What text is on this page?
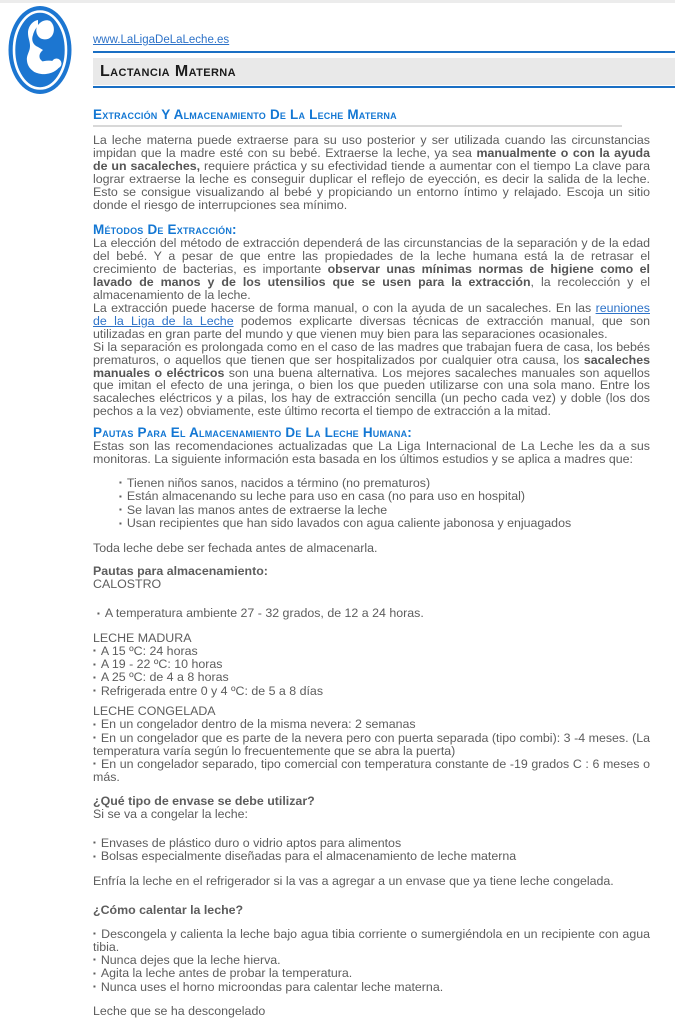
www.LaLigaDeLaLeche.es
Lactancia Materna
Extracción Y Almacenamiento De La Leche Materna
La leche materna puede extraerse para su uso posterior y ser utilizada cuando las circunstancias impidan que la madre esté con su bebé. Extraerse la leche, ya sea manualmente o con la ayuda de un sacaleches, requiere práctica y su efectividad tiende a aumentar con el tiempo La clave para lograr extraerse la leche es conseguir duplicar el reflejo de eyección, es decir la salida de la leche. Esto se consigue visualizando al bebé y propiciando un entorno íntimo y relajado. Escoja un sitio donde el riesgo de interrupciones sea mínimo.
Métodos De Extracción:
La elección del método de extracción dependerá de las circunstancias de la separación y de la edad del bebé. Y a pesar de que entre las propiedades de la leche humana está la de retrasar el crecimiento de bacterias, es importante observar unas mínimas normas de higiene como el lavado de manos y de los utensilios que se usen para la extracción, la recolección y el almacenamiento de la leche.
La extracción puede hacerse de forma manual, o con la ayuda de un sacaleches. En las reuniones de la Liga de la Leche podemos explicarte diversas técnicas de extracción manual, que son utilizadas en gran parte del mundo y que vienen muy bien para las separaciones ocasionales.
Si la separación es prolongada como en el caso de las madres que trabajan fuera de casa, los bebés prematuros, o aquellos que tienen que ser hospitalizados por cualquier otra causa, los sacaleches manuales o eléctricos son una buena alternativa. Los mejores sacaleches manuales son aquellos que imitan el efecto de una jeringa, o bien los que pueden utilizarse con una sola mano. Entre los sacaleches eléctricos y a pilas, los hay de extracción sencilla (un pecho cada vez) y doble (los dos pechos a la vez) obviamente, este último recorta el tiempo de extracción a la mitad.
Pautas Para El Almacenamiento De La Leche Humana:
Estas son las recomendaciones actualizadas que La Liga Internacional de La Leche les da a sus monitoras. La siguiente información esta basada en los últimos estudios y se aplica a madres que:
▪ Tienen niños sanos, nacidos a término (no prematuros)
▪ Están almacenando su leche para uso en casa (no para uso en hospital)
▪ Se lavan las manos antes de extraerse la leche
▪ Usan recipientes que han sido lavados con agua caliente jabonosa y enjuagados
Toda leche debe ser fechada antes de almacenarla.
Pautas para almacenamiento:
CALOSTRO
▪ A temperatura ambiente 27 - 32 grados, de 12 a 24 horas.
LECHE MADURA
▪ A 15 ºC: 24 horas
▪ A 19 - 22 ºC: 10 horas
▪ A 25 ºC: de 4 a 8 horas
▪ Refrigerada entre 0 y 4 ºC: de 5 a 8 días
LECHE CONGELADA
▪ En un congelador dentro de la misma nevera: 2 semanas
▪ En un congelador que es parte de la nevera pero con puerta separada (tipo combi): 3 -4 meses. (La temperatura varía según lo frecuentemente que se abra la puerta)
▪ En un congelador separado, tipo comercial con temperatura constante de -19 grados C : 6 meses o más.
¿Qué tipo de envase se debe utilizar?
Si se va a congelar la leche:
▪ Envases de plástico duro o vidrio aptos para alimentos
▪ Bolsas especialmente diseñadas para el almacenamiento de leche materna
Enfría la leche en el refrigerador si la vas a agregar a un envase que ya tiene leche congelada.
¿Cómo calentar la leche?
▪ Descongela y calienta la leche bajo agua tibia corriente o sumergiéndola en un recipiente con agua tibia.
▪ Nunca dejes que la leche hierva.
▪ Agita la leche antes de probar la temperatura.
▪ Nunca uses el horno microondas para calentar leche materna.
Leche que se ha descongelado
